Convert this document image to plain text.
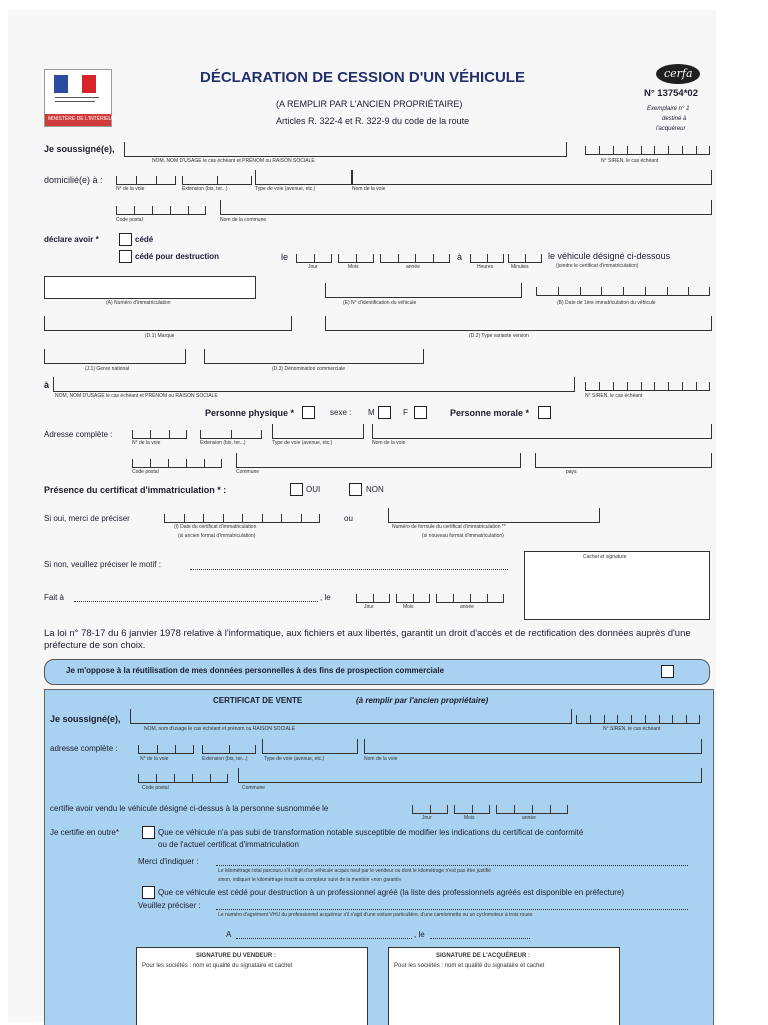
MINISTÈRE DE L'INTÉRIEUR
DÉCLARATION DE CESSION D'UN VÉHICULE
(A REMPLIR PAR L'ANCIEN PROPRIÉTAIRE)
Articles R. 322-4 et R. 322-9 du code de la route
cerfa
N° 13754*02
Exemplaire n° 1
destiné à
l'acquéreur
Je soussigné(e),
NOM, NOM D'USAGE le cas échéant et PRÉNOM ou RAISON SOCIALE	N° SIREN, le cas échéant
domicilié(e) à :
N° de la voie	Extension (bis, ter...)	Type de voie (avenue, etc.)	Nom de la voie
Code postal	Nom de la commune
déclare avoir *	cédé
cédé pour destruction	le	à	le véhicule désigné ci-dessous
(joindre le certificat d'immatriculation)
Jour	Mois	année	Heures	Minutes
(A) Numéro d'immatriculation	(E) N° d'identification du véhicule	(B) Date de 1ère immatriculation du véhicule
(D.1) Marque	(D.2) Type variante version
(J.1) Genre national	(D.3) Dénomination commerciale
à
NOM, NOM D'USAGE le cas échéant et PRÉNOM ou RAISON SOCIALE	N° SIREN, le cas échéant
Personne physique *	sexe : M	F	Personne morale *
Adresse complète :
N° de la voie	Extension (bis, ter...)	Type de voie (avenue, etc.)	Nom de la voie
Code postal	Commune	pays
Présence du certificat d'immatriculation * :	OUI	NON
Si oui, merci de préciser
(I) Date du certificat d'immatriculation
(si ancien format d'immatriculation)
ou
Numéro de formule du certificat d'immatriculation **
(si nouveau format d'immatriculation)
Si non, veuillez préciser le motif :
Cachet et signature
Fait à	, le
Jour	Mois	année
La loi n° 78-17 du 6 janvier 1978 relative à l'informatique, aux fichiers et aux libertés, garantit un droit d'accès et de rectification des données auprès d'une préfecture de son choix.
Je m'oppose à la réutilisation de mes données personnelles à des fins de prospection commerciale
CERTIFICAT DE VENTE	(à remplir par l'ancien propriétaire)
Je soussigné(e),
NOM, nom d'usage le cas échéant et prénom ou RAISON SOCIALE	N° SIREN, le cas échéant
adresse complète :
N° de la voie	Extension (bis, ter...)	Type de voie (avenue, etc.)	Nom de la voie
Code postal	Commune
certifie avoir vendu le véhicule désigné ci-dessus à la personne susnommée le
Jour	Mois	année
Je certifie en outre*	Que ce véhicule n'a pas subi de transformation notable susceptible de modifier les indications du certificat de conformité
ou de l'actuel certificat d'immatriculation
Merci d'indiquer :
Le kilométrage total parcouru s'il s'agit d'un véhicule acquis neuf par le vendeur ou dont le kilométrage n'est pas être justifié
sinon, indiquer le kilométrage inscrit au compteur suivi de la mention «non garanti»
Que ce véhicule est cédé pour destruction à un professionnel agréé (la liste des professionnels agréés est disponible en préfecture)
Veuillez préciser :
Le numéro d'agrément VHU du professionnel acquéreur s'il s'agit d'une voiture particulière, d'une camionnette ou un cyclomoteur à trois roues
A	, le
SIGNATURE DU VENDEUR :
Pour les sociétés : nom et qualité du signataire et cachet
SIGNATURE DE L'ACQUÉREUR :
Pour les sociétés : nom et qualité du signataire et cachet
